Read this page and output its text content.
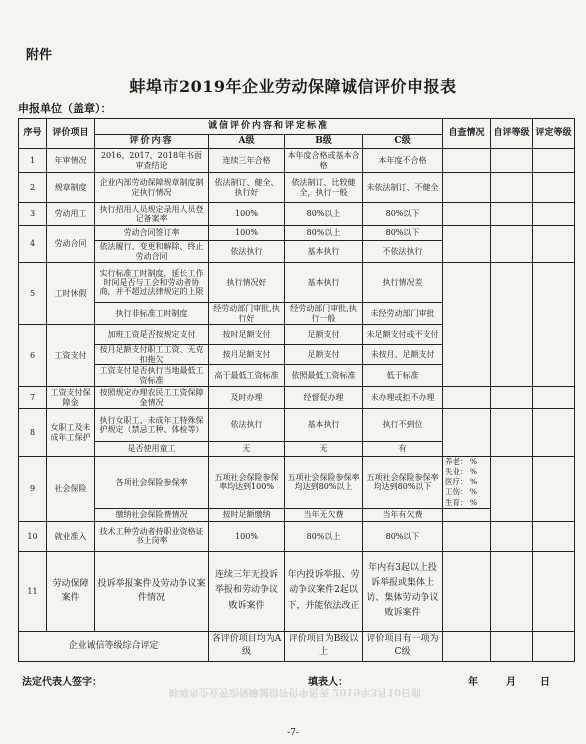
附件
蚌埠市2019年企业劳动保障诚信评价申报表
申报单位（盖章）：
序号	评价项目	诚信评价内容和评定标准				自查情况	自评等级	评定等级
		评价内容	A级	B级	C级			
1	年审情况	2016、2017、2018年书面审查结论	连续三年合格	本年度合格或基本合格	本年度不合格			
2	规章制度	企业内部劳动保障规章制度制定执行情况	依法制订、健全、执行好	依法制订、比较健全，执行一般	未依法制订、不健全			
3	劳动用工	执行招用人员规定录用人员登记备案率	100%	80%以上	80%以下			
4	劳动合同	劳动合同签订率	100%	80%以上	80%以下			
		依法履行、变更和解除、终止劳动合同	依法执行	基本执行	不依法执行			
5	工时休假	实行标准工时制度，延长工作时间是否与工会和劳动者协商，并不超过法律规定的上限	执行情况好	基本执行	执行情况差			
		执行非标准工时制度	经劳动部门审批,执行好	经劳动部门审批,执行一般	未经劳动部门审批			
6	工资支付	加班工资是否按规定支付	按时足额支付	足额支付	未足额支付或不支付			
		按月足额支付职工工资、无克扣拖欠	按月足额支付	足额支付	未按月、足额支付			
		工资支付是否执行当地最低工资标准	高于最低工资标准	依照最低工资标准	低于标准			
7	工资支付保障金	按照规定办理农民工工资保障金情况	及时办理	经督促办理	未办理或拒不办理			
8	女职工及未成年工保护	执行女职工、未成年工特殊保护规定（禁忌工种、体检等）	依法执行	基本执行	执行不到位			
		是否使用童工	无	无	有			
9	社会保险	各项社会保险参保率	五项社会保险参保率均达到100%	五项社会保险参保率均达到80%以上	五项社会保险参保率均达到80%以下	养老： %
失业： %
医疗： %
工伤： %
生育： %		

		缴纳社会保险费情况	按时足额缴纳	当年无欠费	当年有欠费			
10	就业准入	技术工种劳动者持职业资格证书上岗率	100%	80%以上	80%以下			
11	劳动保障案件	投诉举报案件及劳动争议案件情况	连续三年无投诉举报和劳动争议败诉案件	年内投诉举报、劳动争议案件2起以下，并能依法改正	年内有3起以上投诉举报或集体上访、集体劳动争议败诉案件			
企业诚信等级综合评定			各评价项目均为A级	评价项目为B级以上	评价项目有一项为C级			
蚌埠市企业劳动保障诚信评价申报表 2019年3月10日前
法定代表人签字：	填表人：	年	月 日
-7-
